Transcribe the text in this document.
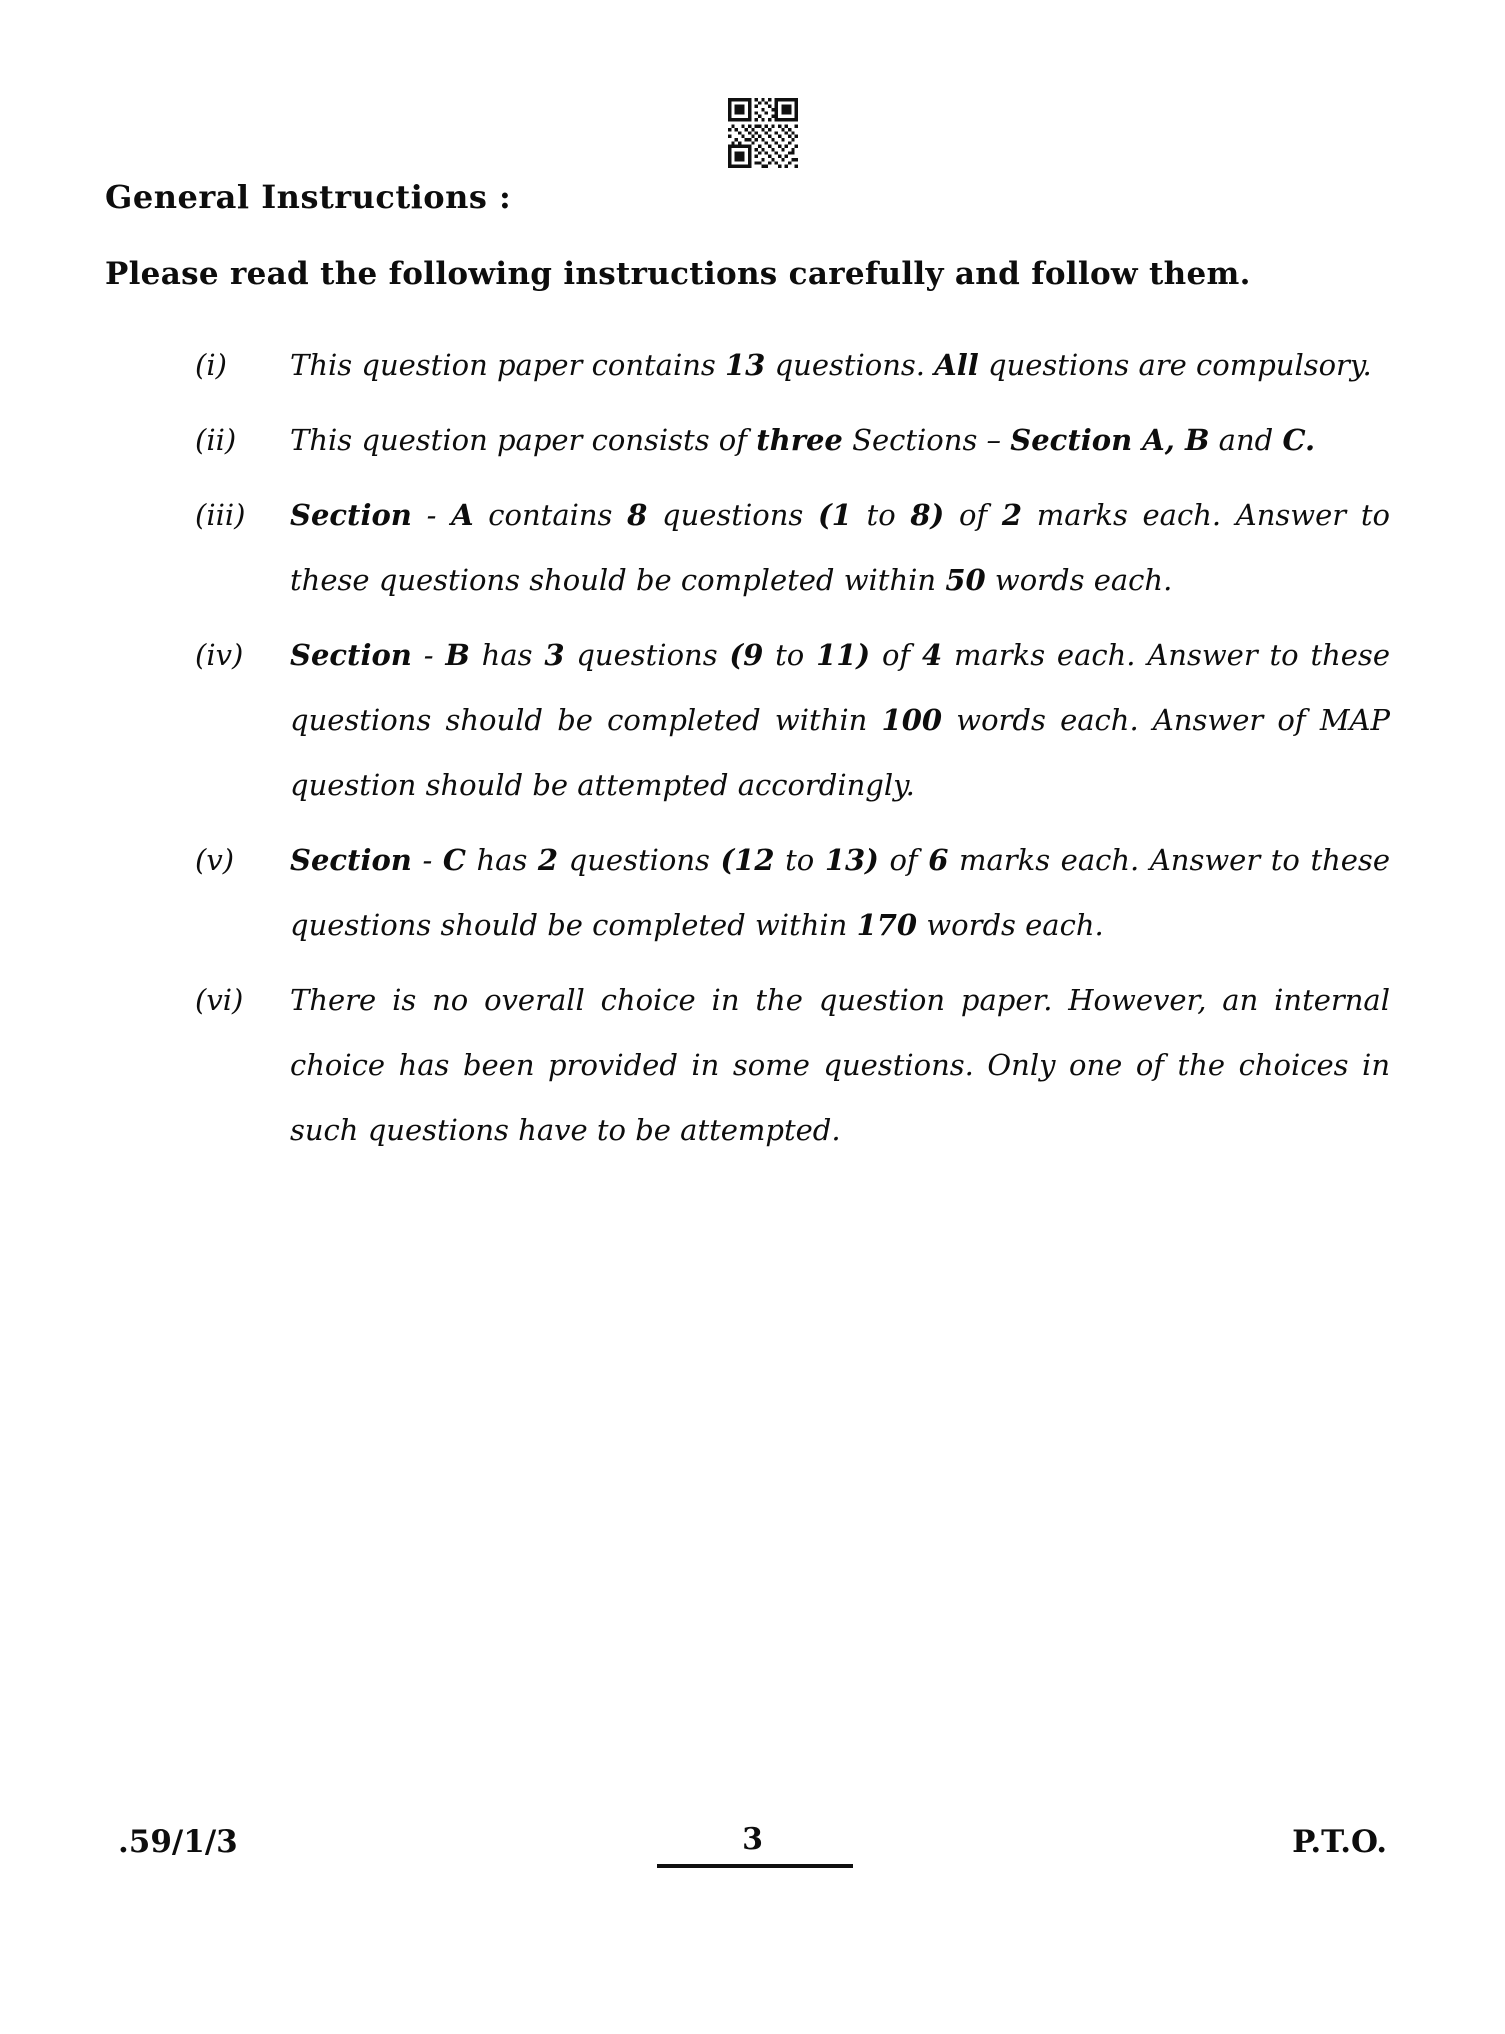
General Instructions :

Please read the following instructions carefully and follow them.

(i)	This question paper contains 13 questions. All questions are compulsory.
(ii)	This question paper consists of three Sections – Section A, B and C.
(iii)	Section - A contains 8 questions (1 to 8) of 2 marks each. Answer to these questions should be completed within 50 words each.
(iv)	Section - B has 3 questions (9 to 11) of 4 marks each. Answer to these questions should be completed within 100 words each. Answer of MAP question should be attempted accordingly.
(v)	Section - C has 2 questions (12 to 13) of 6 marks each. Answer to these questions should be completed within 170 words each.
(vi)	There is no overall choice in the question paper. However, an internal choice has been provided in some questions. Only one of the choices in such questions have to be attempted.
.59/1/3	3	P.T.O.
